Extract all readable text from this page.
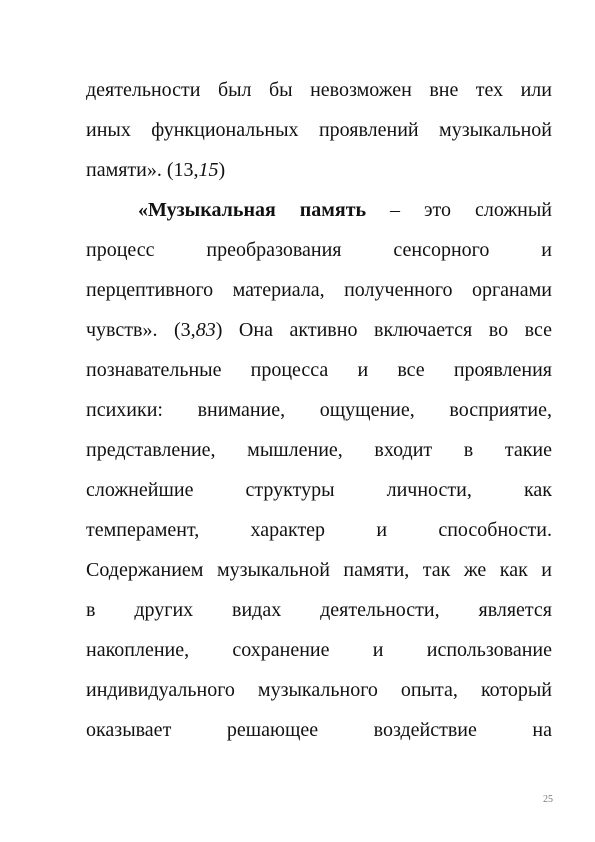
деятельности был бы невозможен вне тех или
иных функциональных проявлений музыкальной
памяти». (13,15)
«Музыкальная память – это сложный
процесс преобразования сенсорного и
перцептивного материала, полученного органами
чувств». (3,83) Она активно включается во все
познавательные процесса и все проявления
психики: внимание, ощущение, восприятие,
представление, мышление, входит в такие
сложнейшие структуры личности, как
темперамент, характер и способности.
Содержанием музыкальной памяти, так же как и
в других видах деятельности, является
накопление, сохранение и использование
индивидуального музыкального опыта, который
оказывает решающее воздействие на
25
